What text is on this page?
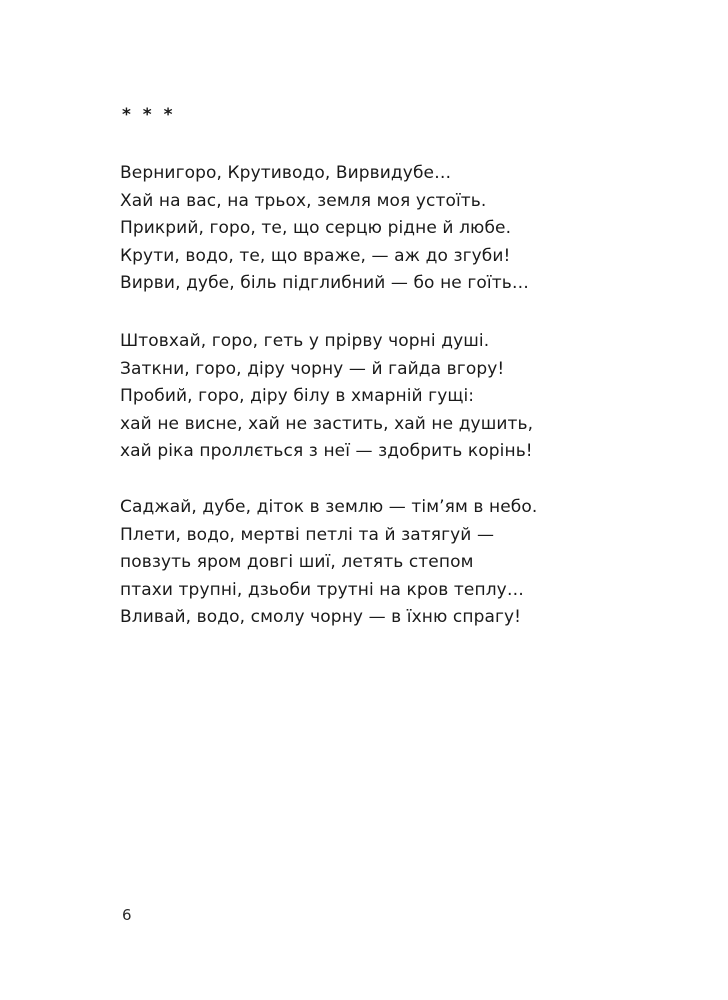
* * *
Вернигоро, Крутиводо, Вирвидубе…
Хай на вас, на трьох, земля моя устоїть.
Прикрий, горо, те, що серцю рідне й любе.
Крути, водо, те, що враже, — аж до згуби!
Вирви, дубе, біль підглибний — бо не гоїть…
Штовхай, горо, геть у прірву чорні душі.
Заткни, горо, діру чорну — й гайда вгору!
Пробий, горо, діру білу в хмарній гущі:
хай не висне, хай не застить, хай не душить,
хай ріка проллється з неї — здобрить корінь!
Саджай, дубе, діток в землю — тім’ям в небо.
Плети, водо, мертві петлі та й затягуй —
повзуть яром довгі шиї, летять степом
птахи трупні, дзьоби трутні на кров теплу…
Вливай, водо, смолу чорну — в їхню спрагу!
6
